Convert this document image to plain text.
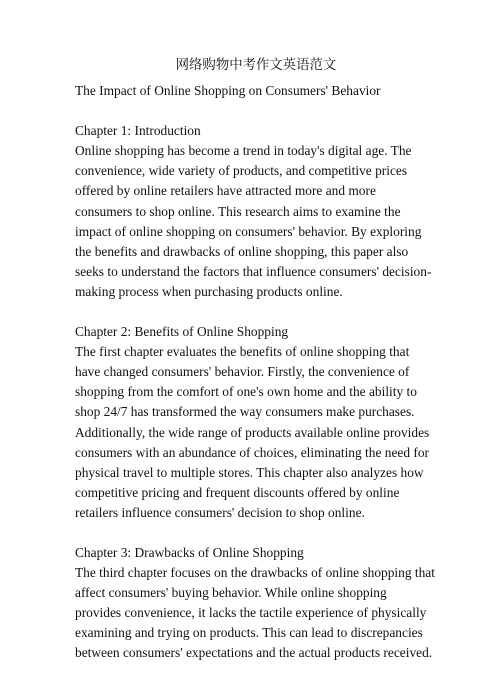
网络购物中考作文英语范文
The Impact of Online Shopping on Consumers' Behavior
Chapter 1: Introduction
Online shopping has become a trend in today's digital age. The
convenience, wide variety of products, and competitive prices
offered by online retailers have attracted more and more
consumers to shop online. This research aims to examine the
impact of online shopping on consumers' behavior. By exploring
the benefits and drawbacks of online shopping, this paper also
seeks to understand the factors that influence consumers' decision-
making process when purchasing products online.
Chapter 2: Benefits of Online Shopping
The first chapter evaluates the benefits of online shopping that
have changed consumers' behavior. Firstly, the convenience of
shopping from the comfort of one's own home and the ability to
shop 24/7 has transformed the way consumers make purchases.
Additionally, the wide range of products available online provides
consumers with an abundance of choices, eliminating the need for
physical travel to multiple stores. This chapter also analyzes how
competitive pricing and frequent discounts offered by online
retailers influence consumers' decision to shop online.
Chapter 3: Drawbacks of Online Shopping
The third chapter focuses on the drawbacks of online shopping that
affect consumers' buying behavior. While online shopping
provides convenience, it lacks the tactile experience of physically
examining and trying on products. This can lead to discrepancies
between consumers' expectations and the actual products received.
